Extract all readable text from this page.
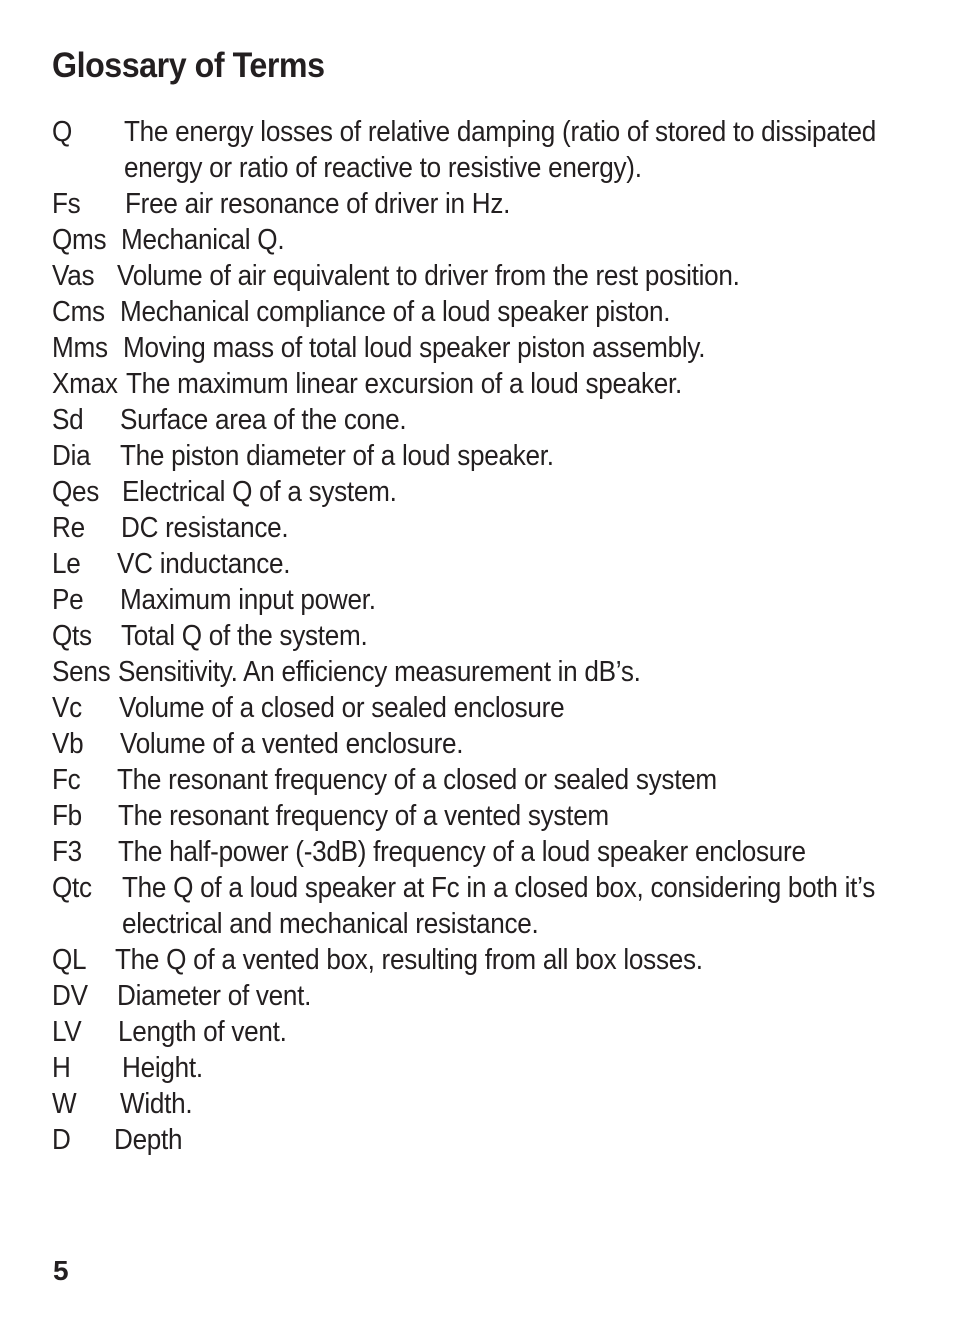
Glossary of Terms
Q The energy losses of relative damping (ratio of stored to dissipated energy or ratio of reactive to resistive energy).
Fs Free air resonance of driver in Hz.
Qms Mechanical Q.
Vas Volume of air equivalent to driver from the rest position.
Cms Mechanical compliance of a loud speaker piston.
Mms Moving mass of total loud speaker piston assembly.
Xmax The maximum linear excursion of a loud speaker.
Sd Surface area of the cone.
Dia The piston diameter of a loud speaker.
Qes Electrical Q of a system.
Re DC resistance.
Le VC inductance.
Pe Maximum input power.
Qts Total Q of the system.
Sens Sensitivity. An efficiency measurement in dB’s.
Vc Volume of a closed or sealed enclosure
Vb Volume of a vented enclosure.
Fc The resonant frequency of a closed or sealed system
Fb The resonant frequency of a vented system
F3 The half-power (-3dB) frequency of a loud speaker enclosure
Qtc The Q of a loud speaker at Fc in a closed box, considering both it’s electrical and mechanical resistance.
QL The Q of a vented box, resulting from all box losses.
DV Diameter of vent.
LV Length of vent.
H Height.
W Width.
D Depth
5
